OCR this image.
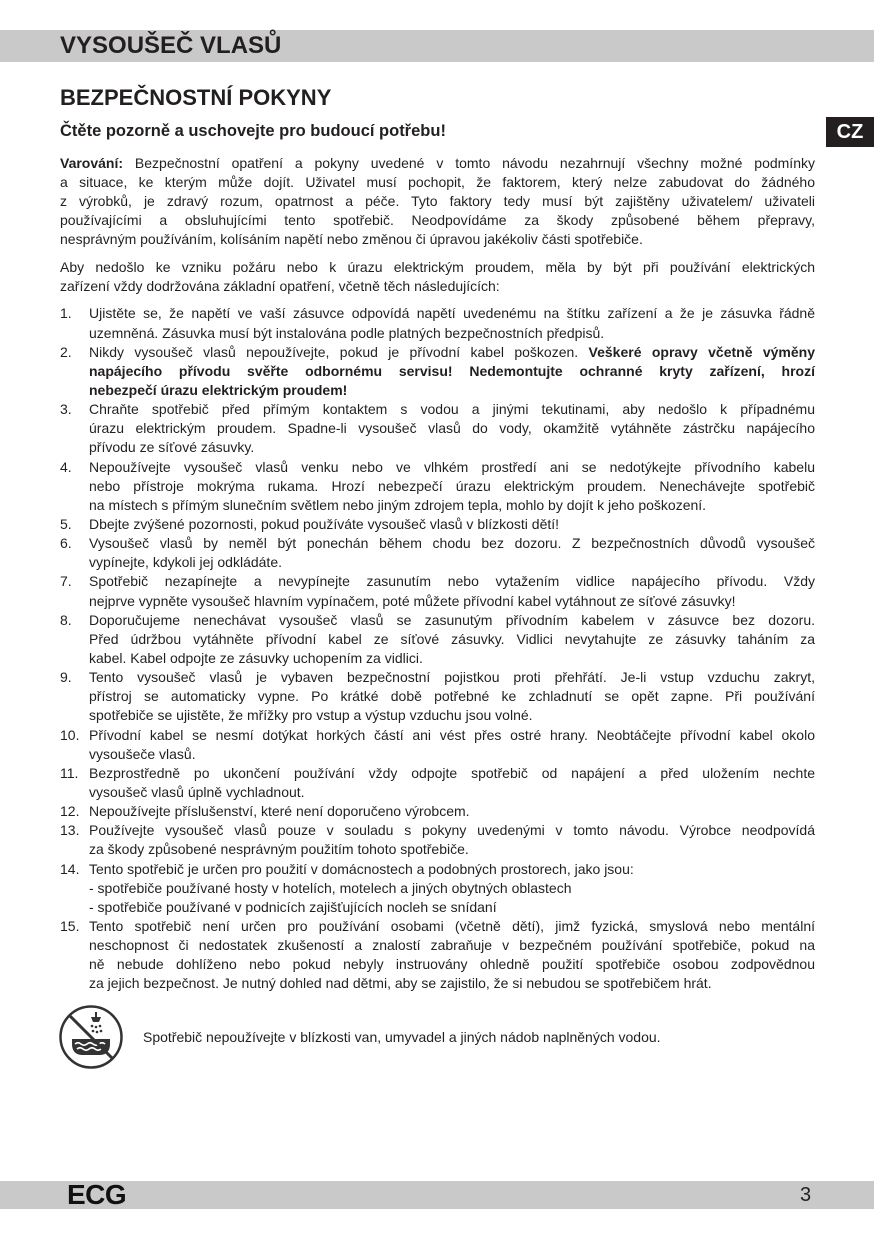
VYSOUŠEČ VLASŮ
BEZPEČNOSTNÍ POKYNY
Čtěte pozorně a uschovejte pro budoucí potřebu!	CZ
Varování: Bezpečnostní opatření a pokyny uvedené v tomto návodu nezahrnují všechny možné podmínky
a situace, ke kterým může dojít. Uživatel musí pochopit, že faktorem, který nelze zabudovat do žádného
z výrobků, je zdravý rozum, opatrnost a péče. Tyto faktory tedy musí být zajištěny uživatelem/ uživateli
používajícími a obsluhujícími tento spotřebič. Neodpovídáme za škody způsobené během přepravy,
nesprávným používáním, kolísáním napětí nebo změnou či úpravou jakékoliv části spotřebiče.
Aby nedošlo ke vzniku požáru nebo k úrazu elektrickým proudem, měla by být při používání elektrických
zařízení vždy dodržována základní opatření, včetně těch následujících:
1. Ujistěte se, že napětí ve vaší zásuvce odpovídá napětí uvedenému na štítku zařízení a že je zásuvka řádně
uzemněná. Zásuvka musí být instalována podle platných bezpečnostních předpisů.
2. Nikdy vysoušeč vlasů nepoužívejte, pokud je přívodní kabel poškozen. Veškeré opravy včetně výměny
napájecího přívodu svěřte odbornému servisu! Nedemontujte ochranné kryty zařízení, hrozí
nebezpečí úrazu elektrickým proudem!
3. Chraňte spotřebič před přímým kontaktem s vodou a jinými tekutinami, aby nedošlo k případnému
úrazu elektrickým proudem. Spadne-li vysoušeč vlasů do vody, okamžitě vytáhněte zástrčku napájecího
přívodu ze síťové zásuvky.
4. Nepoužívejte vysoušeč vlasů venku nebo ve vlhkém prostředí ani se nedotýkejte přívodního kabelu
nebo přístroje mokrýma rukama. Hrozí nebezpečí úrazu elektrickým proudem. Nenechávejte spotřebič
na místech s přímým slunečním světlem nebo jiným zdrojem tepla, mohlo by dojít k jeho poškození.
5. Dbejte zvýšené pozornosti, pokud používáte vysoušeč vlasů v blízkosti dětí!
6. Vysoušeč vlasů by neměl být ponechán během chodu bez dozoru. Z bezpečnostních důvodů vysoušeč
vypínejte, kdykoli jej odkládáte.
7. Spotřebič nezapínejte a nevypínejte zasunutím nebo vytažením vidlice napájecího přívodu. Vždy
nejprve vypněte vysoušeč hlavním vypínačem, poté můžete přívodní kabel vytáhnout ze síťové zásuvky!
8. Doporučujeme nenechávat vysoušeč vlasů se zasunutým přívodním kabelem v zásuvce bez dozoru.
Před údržbou vytáhněte přívodní kabel ze síťové zásuvky. Vidlici nevytahujte ze zásuvky taháním za
kabel. Kabel odpojte ze zásuvky uchopením za vidlici.
9. Tento vysoušeč vlasů je vybaven bezpečnostní pojistkou proti přehřátí. Je-li vstup vzduchu zakryt,
přístroj se automaticky vypne. Po krátké době potřebné ke zchladnutí se opět zapne. Při používání
spotřebiče se ujistěte, že mřížky pro vstup a výstup vzduchu jsou volné.
10. Přívodní kabel se nesmí dotýkat horkých částí ani vést přes ostré hrany. Neobtáčejte přívodní kabel okolo
vysoušeče vlasů.
11. Bezprostředně po ukončení používání vždy odpojte spotřebič od napájení a před uložením nechte
vysoušeč vlasů úplně vychladnout.
12. Nepoužívejte příslušenství, které není doporučeno výrobcem.
13. Používejte vysoušeč vlasů pouze v souladu s pokyny uvedenými v tomto návodu. Výrobce neodpovídá
za škody způsobené nesprávným použitím tohoto spotřebiče.
14. Tento spotřebič je určen pro použití v domácnostech a podobných prostorech, jako jsou:
- spotřebiče používané hosty v hotelích, motelech a jiných obytných oblastech
- spotřebiče používané v podnicích zajišťujících nocleh se snídaní
15. Tento spotřebič není určen pro používání osobami (včetně dětí), jimž fyzická, smyslová nebo mentální
neschopnost či nedostatek zkušeností a znalostí zabraňuje v bezpečném používání spotřebiče, pokud na
ně nebude dohlíženo nebo pokud nebyly instruovány ohledně použití spotřebiče osobou zodpovědnou
za jejich bezpečnost. Je nutný dohled nad dětmi, aby se zajistilo, že si nebudou se spotřebičem hrát.
Spotřebič nepoužívejte v blízkosti van, umyvadel a jiných nádob naplněných vodou.
ECG	3
